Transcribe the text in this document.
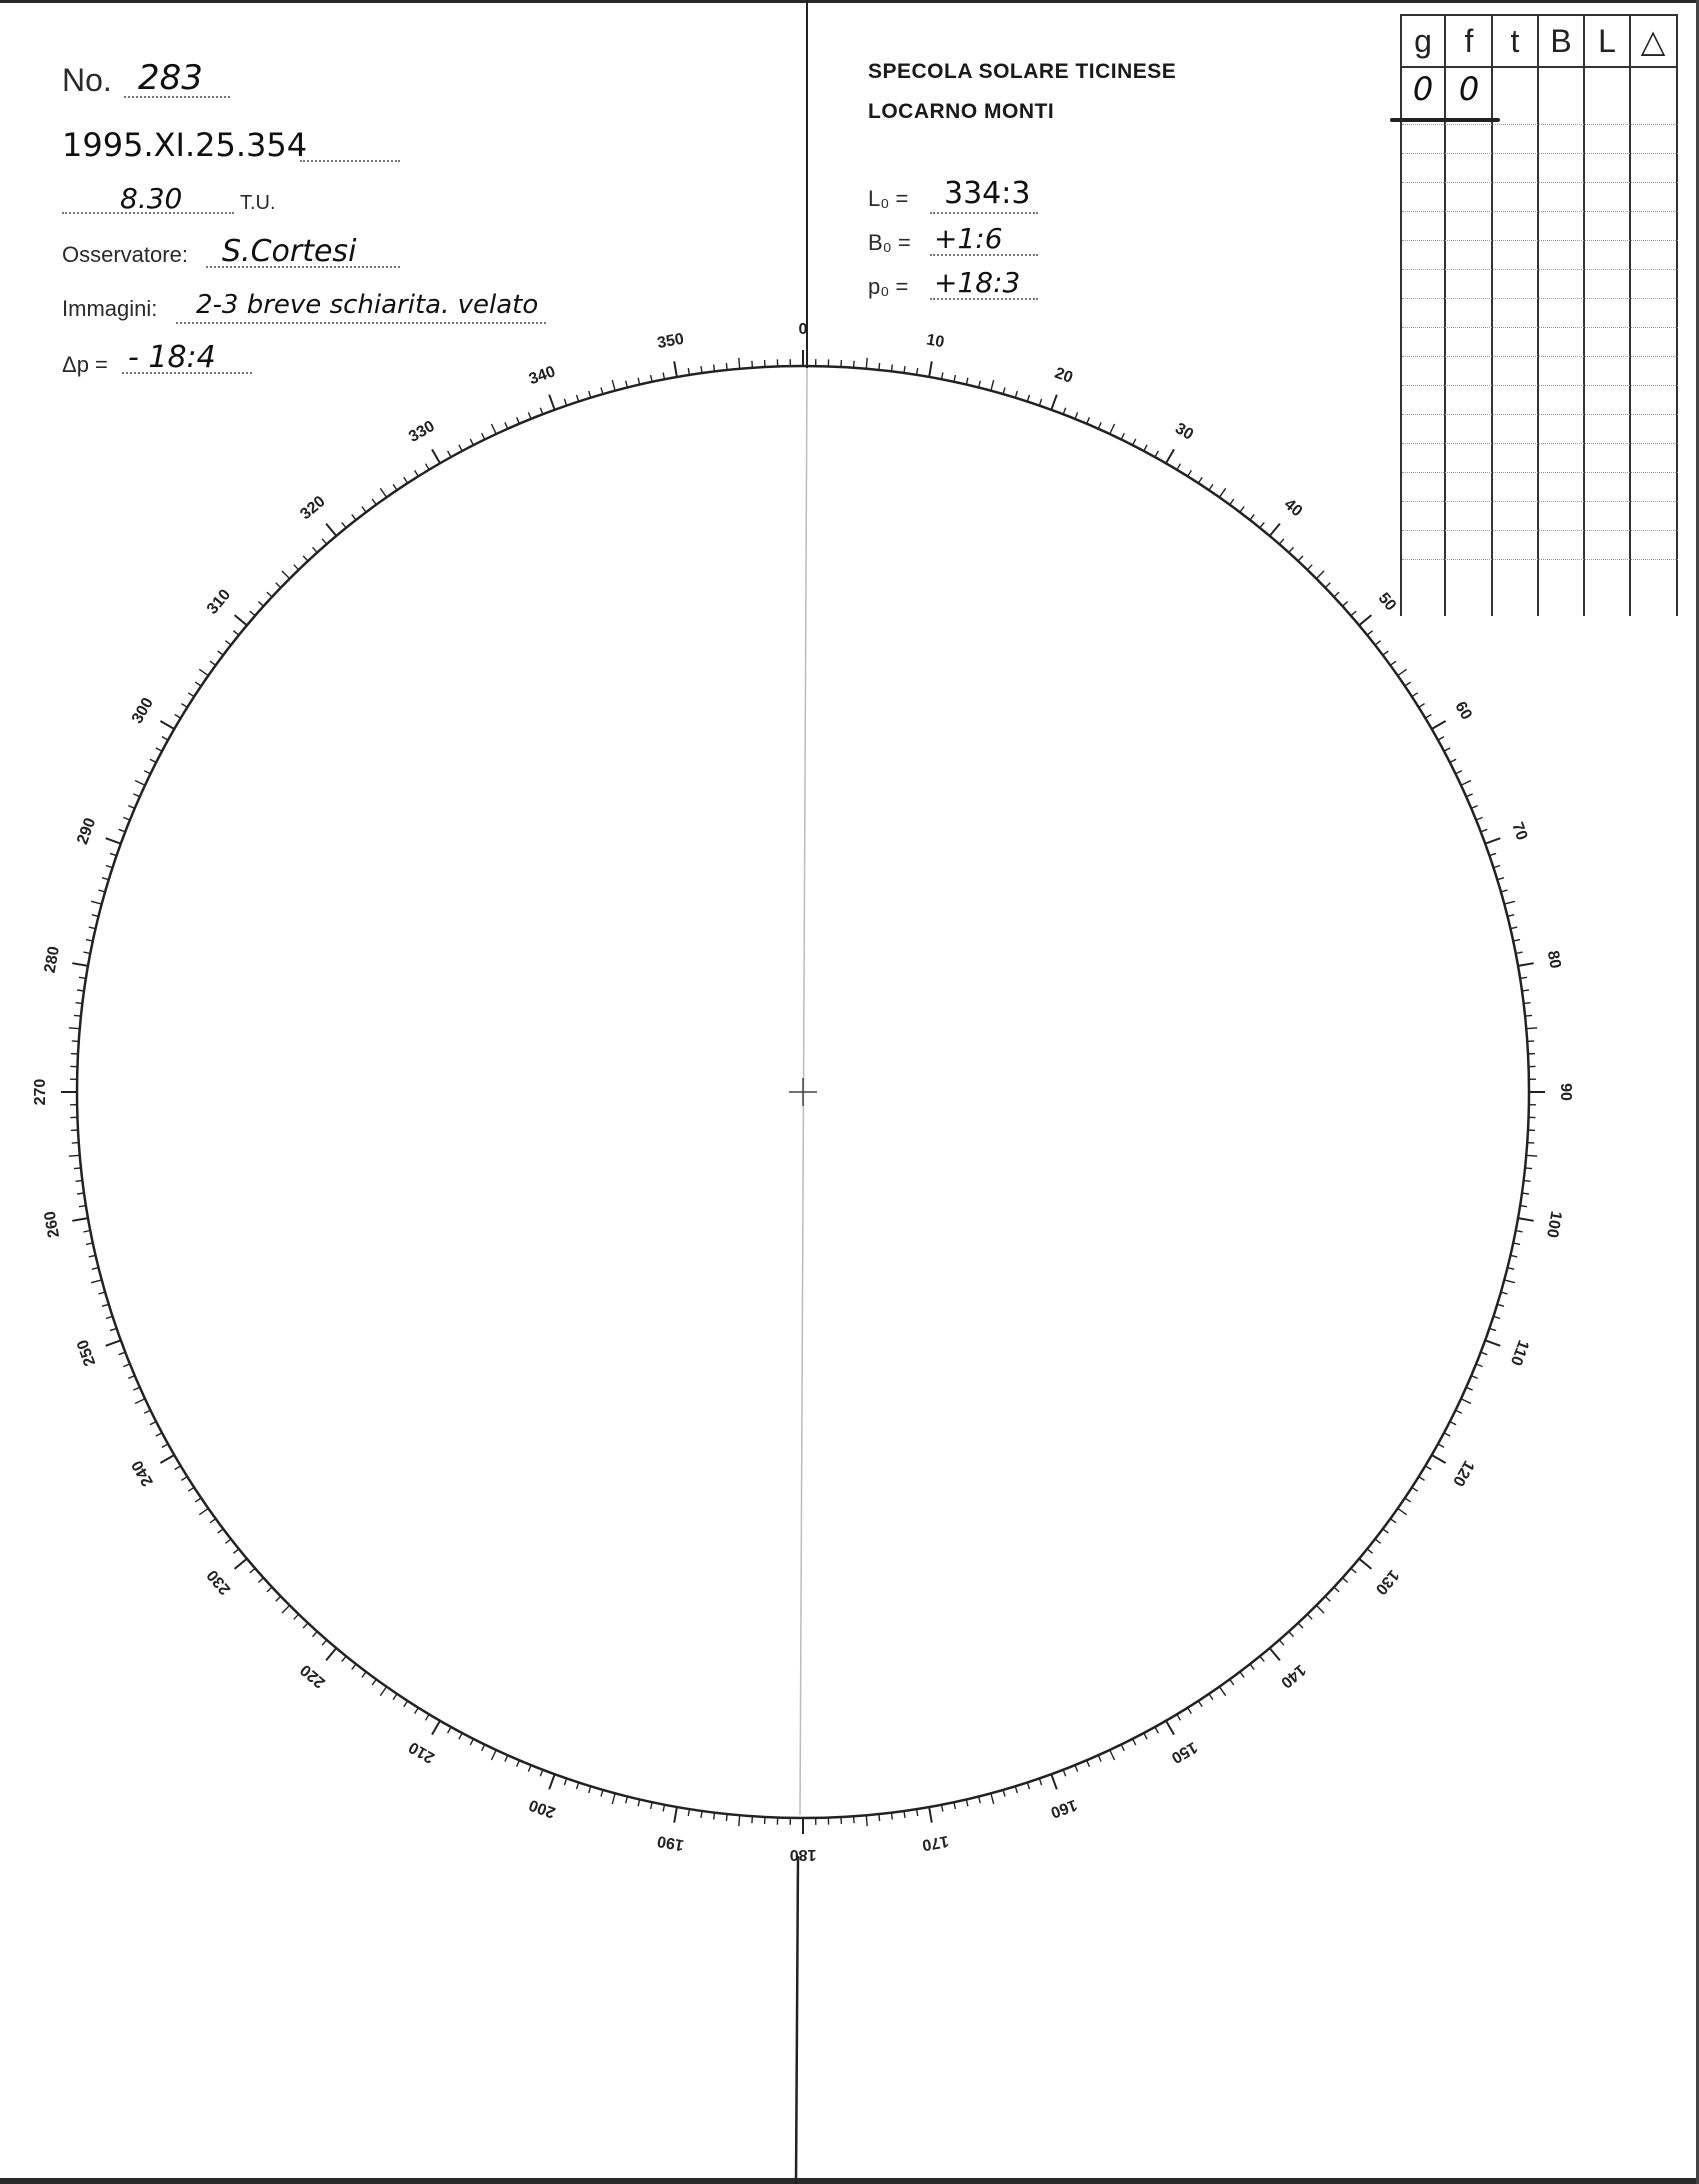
No. 283
1995.XI.25.354
8.30	T.U.
Osservatore: S.Cortesi
Immagini: 2-3 breve schiarita. velato
Δp = - 18:4
SPECOLA SOLARE TICINESE
LOCARNO MONTI
L₀ = 334:3
B₀ = +1:6
p₀ = +18:3
g	f	t B L △
0 0
0
10
20
30
40
50
60
70
80
90
100
110
120
130
140
150
160
170
180
190
200
210
220
230
240
250
260
270
280
290
300
310
320
330
340
350
